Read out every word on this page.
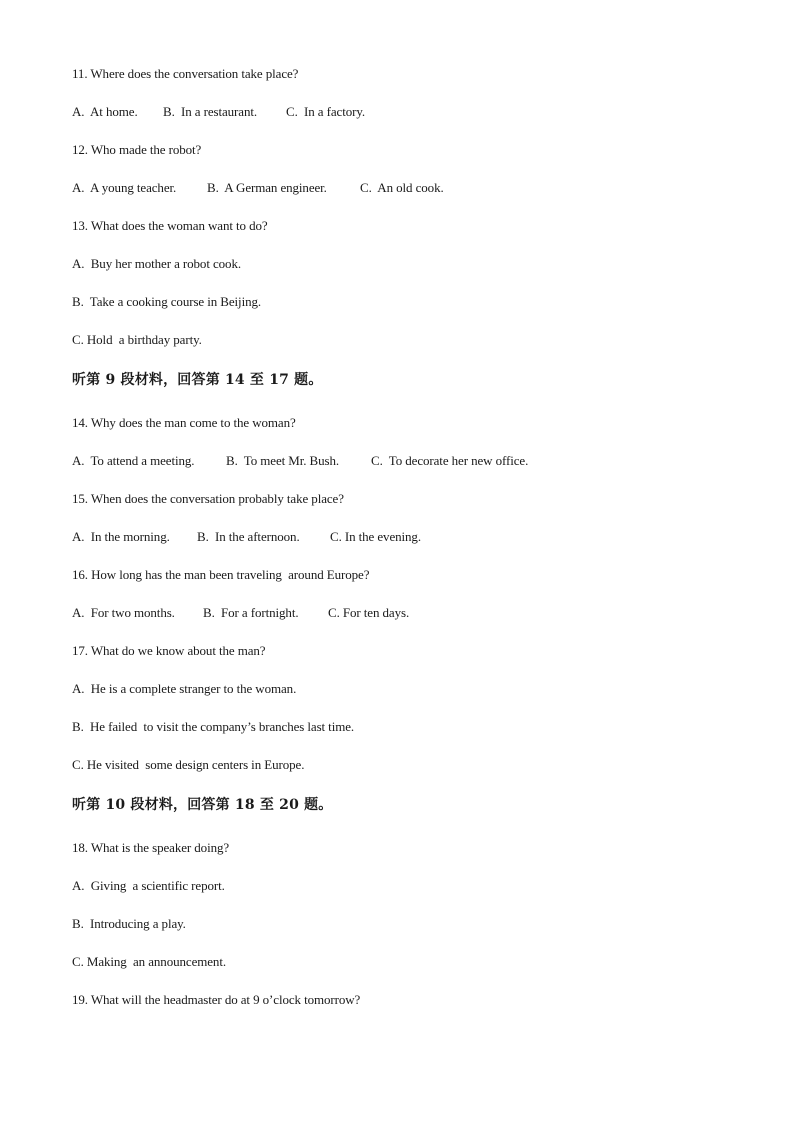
11. Where does the conversation take place?
A.  At home. B.  In a restaurant. C.  In a factory.
12. Who made the robot?
A.  A young teacher. B.  A German engineer.	C.  An old cook.
13. What does the woman want to do?
A.  Buy her mother a robot cook.
B.  Take a cooking course in Beijing.
C. Hold  a birthday party.
听第 9 段材料，回答第 14 至 17 题。
14. Why does the man come to the woman?
A.  To attend a meeting. B.  To meet Mr. Bush. C.  To decorate her new office.
15. When does the conversation probably take place?
A.  In the morning. B.  In the afternoon. C. In the evening.
16. How long has the man been traveling  around Europe?
A.  For two months. B.  For a fortnight. C. For ten days.
17. What do we know about the man?
A.  He is a complete stranger to the woman.
B.  He failed  to visit the company’s branches last time.
C. He visited  some design centers in Europe.
听第 10 段材料，回答第 18 至 20 题。
18. What is the speaker doing?
A.  Giving  a scientific report.
B.  Introducing a play.
C. Making  an announcement.
19. What will the headmaster do at 9 o’clock tomorrow?
